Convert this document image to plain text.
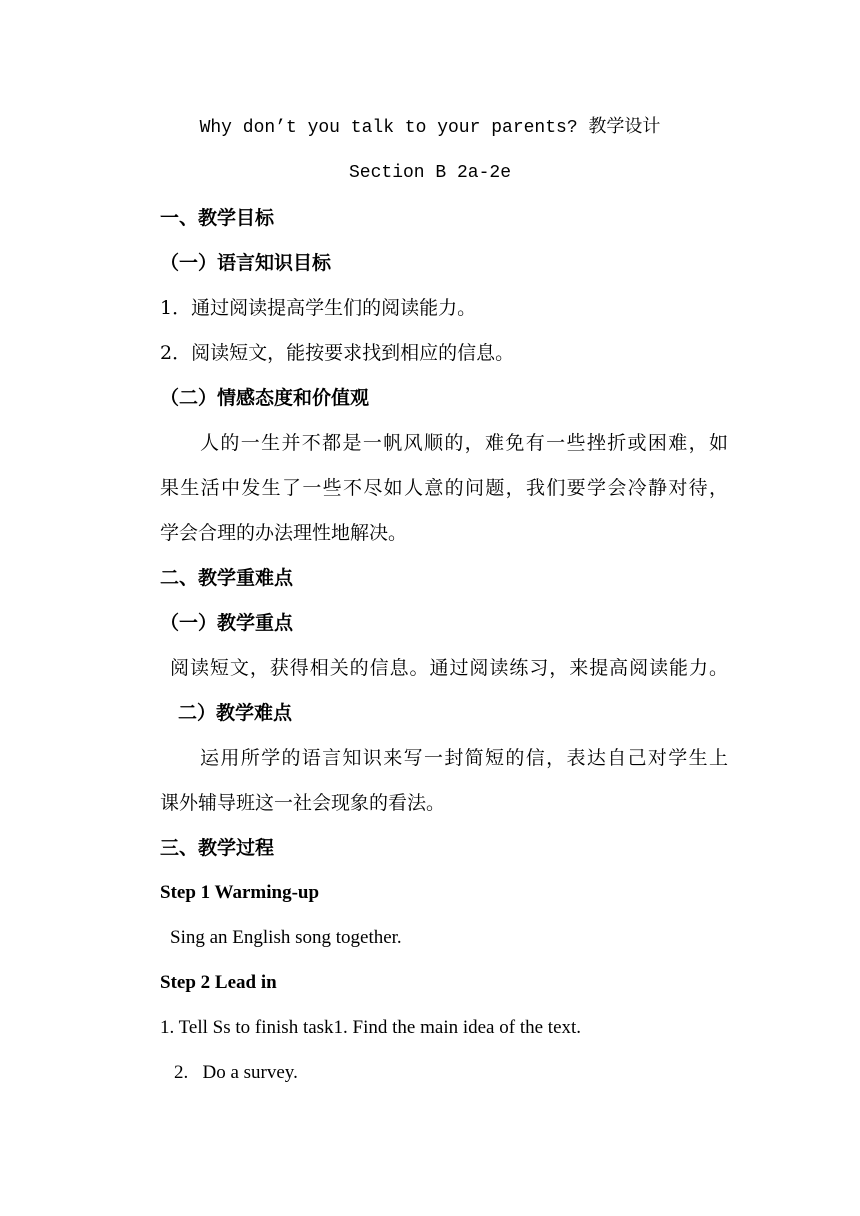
Why don’t you talk to your parents? 教学设计
Section B 2a-2e
一、教学目标
（一）语言知识目标
1．通过阅读提高学生们的阅读能力。
2．阅读短文，能按要求找到相应的信息。
（二）情感态度和价值观
人的一生并不都是一帆风顺的，难免有一些挫折或困难，如
果生活中发生了一些不尽如人意的问题，我们要学会冷静对待，
学会合理的办法理性地解决。
二、教学重难点
（一）教学重点
阅读短文，获得相关的信息。通过阅读练习，来提高阅读能力。
二）教学难点
运用所学的语言知识来写一封简短的信，表达自己对学生上
课外辅导班这一社会现象的看法。
三、教学过程
Step 1 Warming-up
Sing an English song together.
Step 2 Lead in
1. Tell Ss to finish task1. Find the main idea of the text.
2.   Do a survey.
